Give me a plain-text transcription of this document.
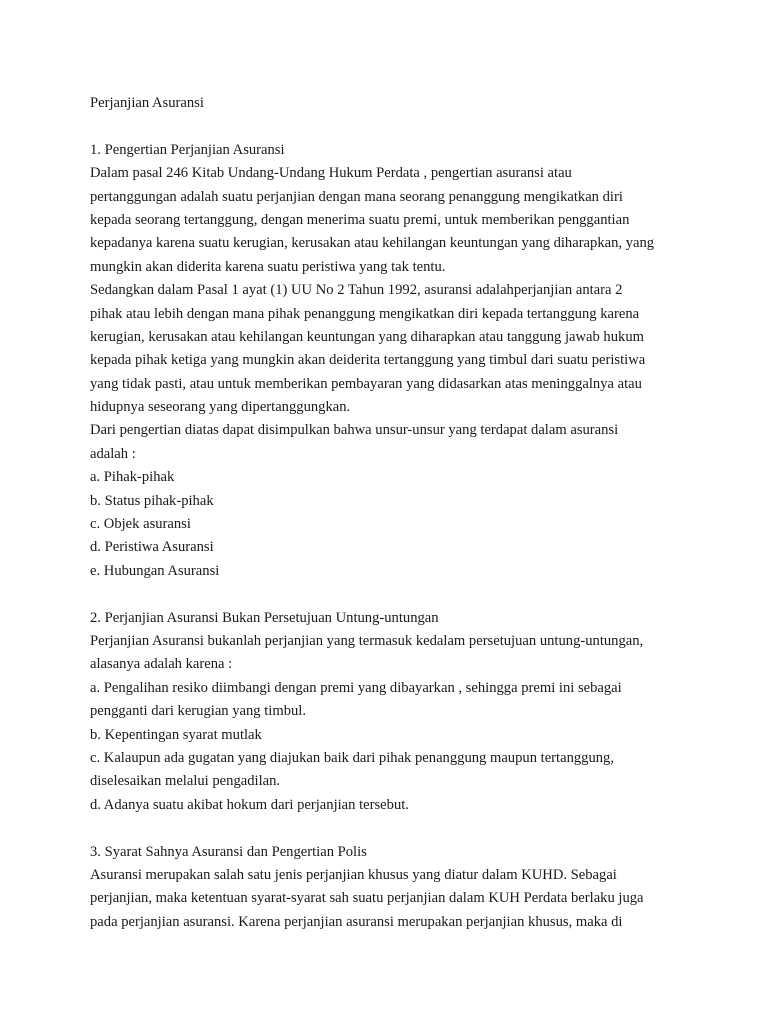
Perjanjian Asuransi
1. Pengertian Perjanjian Asuransi
Dalam pasal 246 Kitab Undang-Undang Hukum Perdata , pengertian asuransi atau
pertanggungan adalah suatu perjanjian dengan mana seorang penanggung mengikatkan diri
kepada seorang tertanggung, dengan menerima suatu premi, untuk memberikan penggantian
kepadanya karena suatu kerugian, kerusakan atau kehilangan keuntungan yang diharapkan, yang
mungkin akan diderita karena suatu peristiwa yang tak tentu.
Sedangkan dalam Pasal 1 ayat (1) UU No 2 Tahun 1992, asuransi adalahperjanjian antara 2
pihak atau lebih dengan mana pihak penanggung mengikatkan diri kepada tertanggung karena
kerugian, kerusakan atau kehilangan keuntungan yang diharapkan atau tanggung jawab hukum
kepada pihak ketiga yang mungkin akan deiderita tertanggung yang timbul dari suatu peristiwa
yang tidak pasti, atau untuk memberikan pembayaran yang didasarkan atas meninggalnya atau
hidupnya seseorang yang dipertanggungkan.
Dari pengertian diatas dapat disimpulkan bahwa unsur-unsur yang terdapat dalam asuransi
adalah :
a. Pihak-pihak
b. Status pihak-pihak
c. Objek asuransi
d. Peristiwa Asuransi
e. Hubungan Asuransi
2. Perjanjian Asuransi Bukan Persetujuan Untung-untungan
Perjanjian Asuransi bukanlah perjanjian yang termasuk kedalam persetujuan untung-untungan,
alasanya adalah karena :
a. Pengalihan resiko diimbangi dengan premi yang dibayarkan , sehingga premi ini sebagai
pengganti dari kerugian yang timbul.
b. Kepentingan syarat mutlak
c. Kalaupun ada gugatan yang diajukan baik dari pihak penanggung maupun tertanggung,
diselesaikan melalui pengadilan.
d. Adanya suatu akibat hokum dari perjanjian tersebut.
3. Syarat Sahnya Asuransi dan Pengertian Polis
Asuransi merupakan salah satu jenis perjanjian khusus yang diatur dalam KUHD. Sebagai
perjanjian, maka ketentuan syarat-syarat sah suatu perjanjian dalam KUH Perdata berlaku juga
pada perjanjian asuransi. Karena perjanjian asuransi merupakan perjanjian khusus, maka di
